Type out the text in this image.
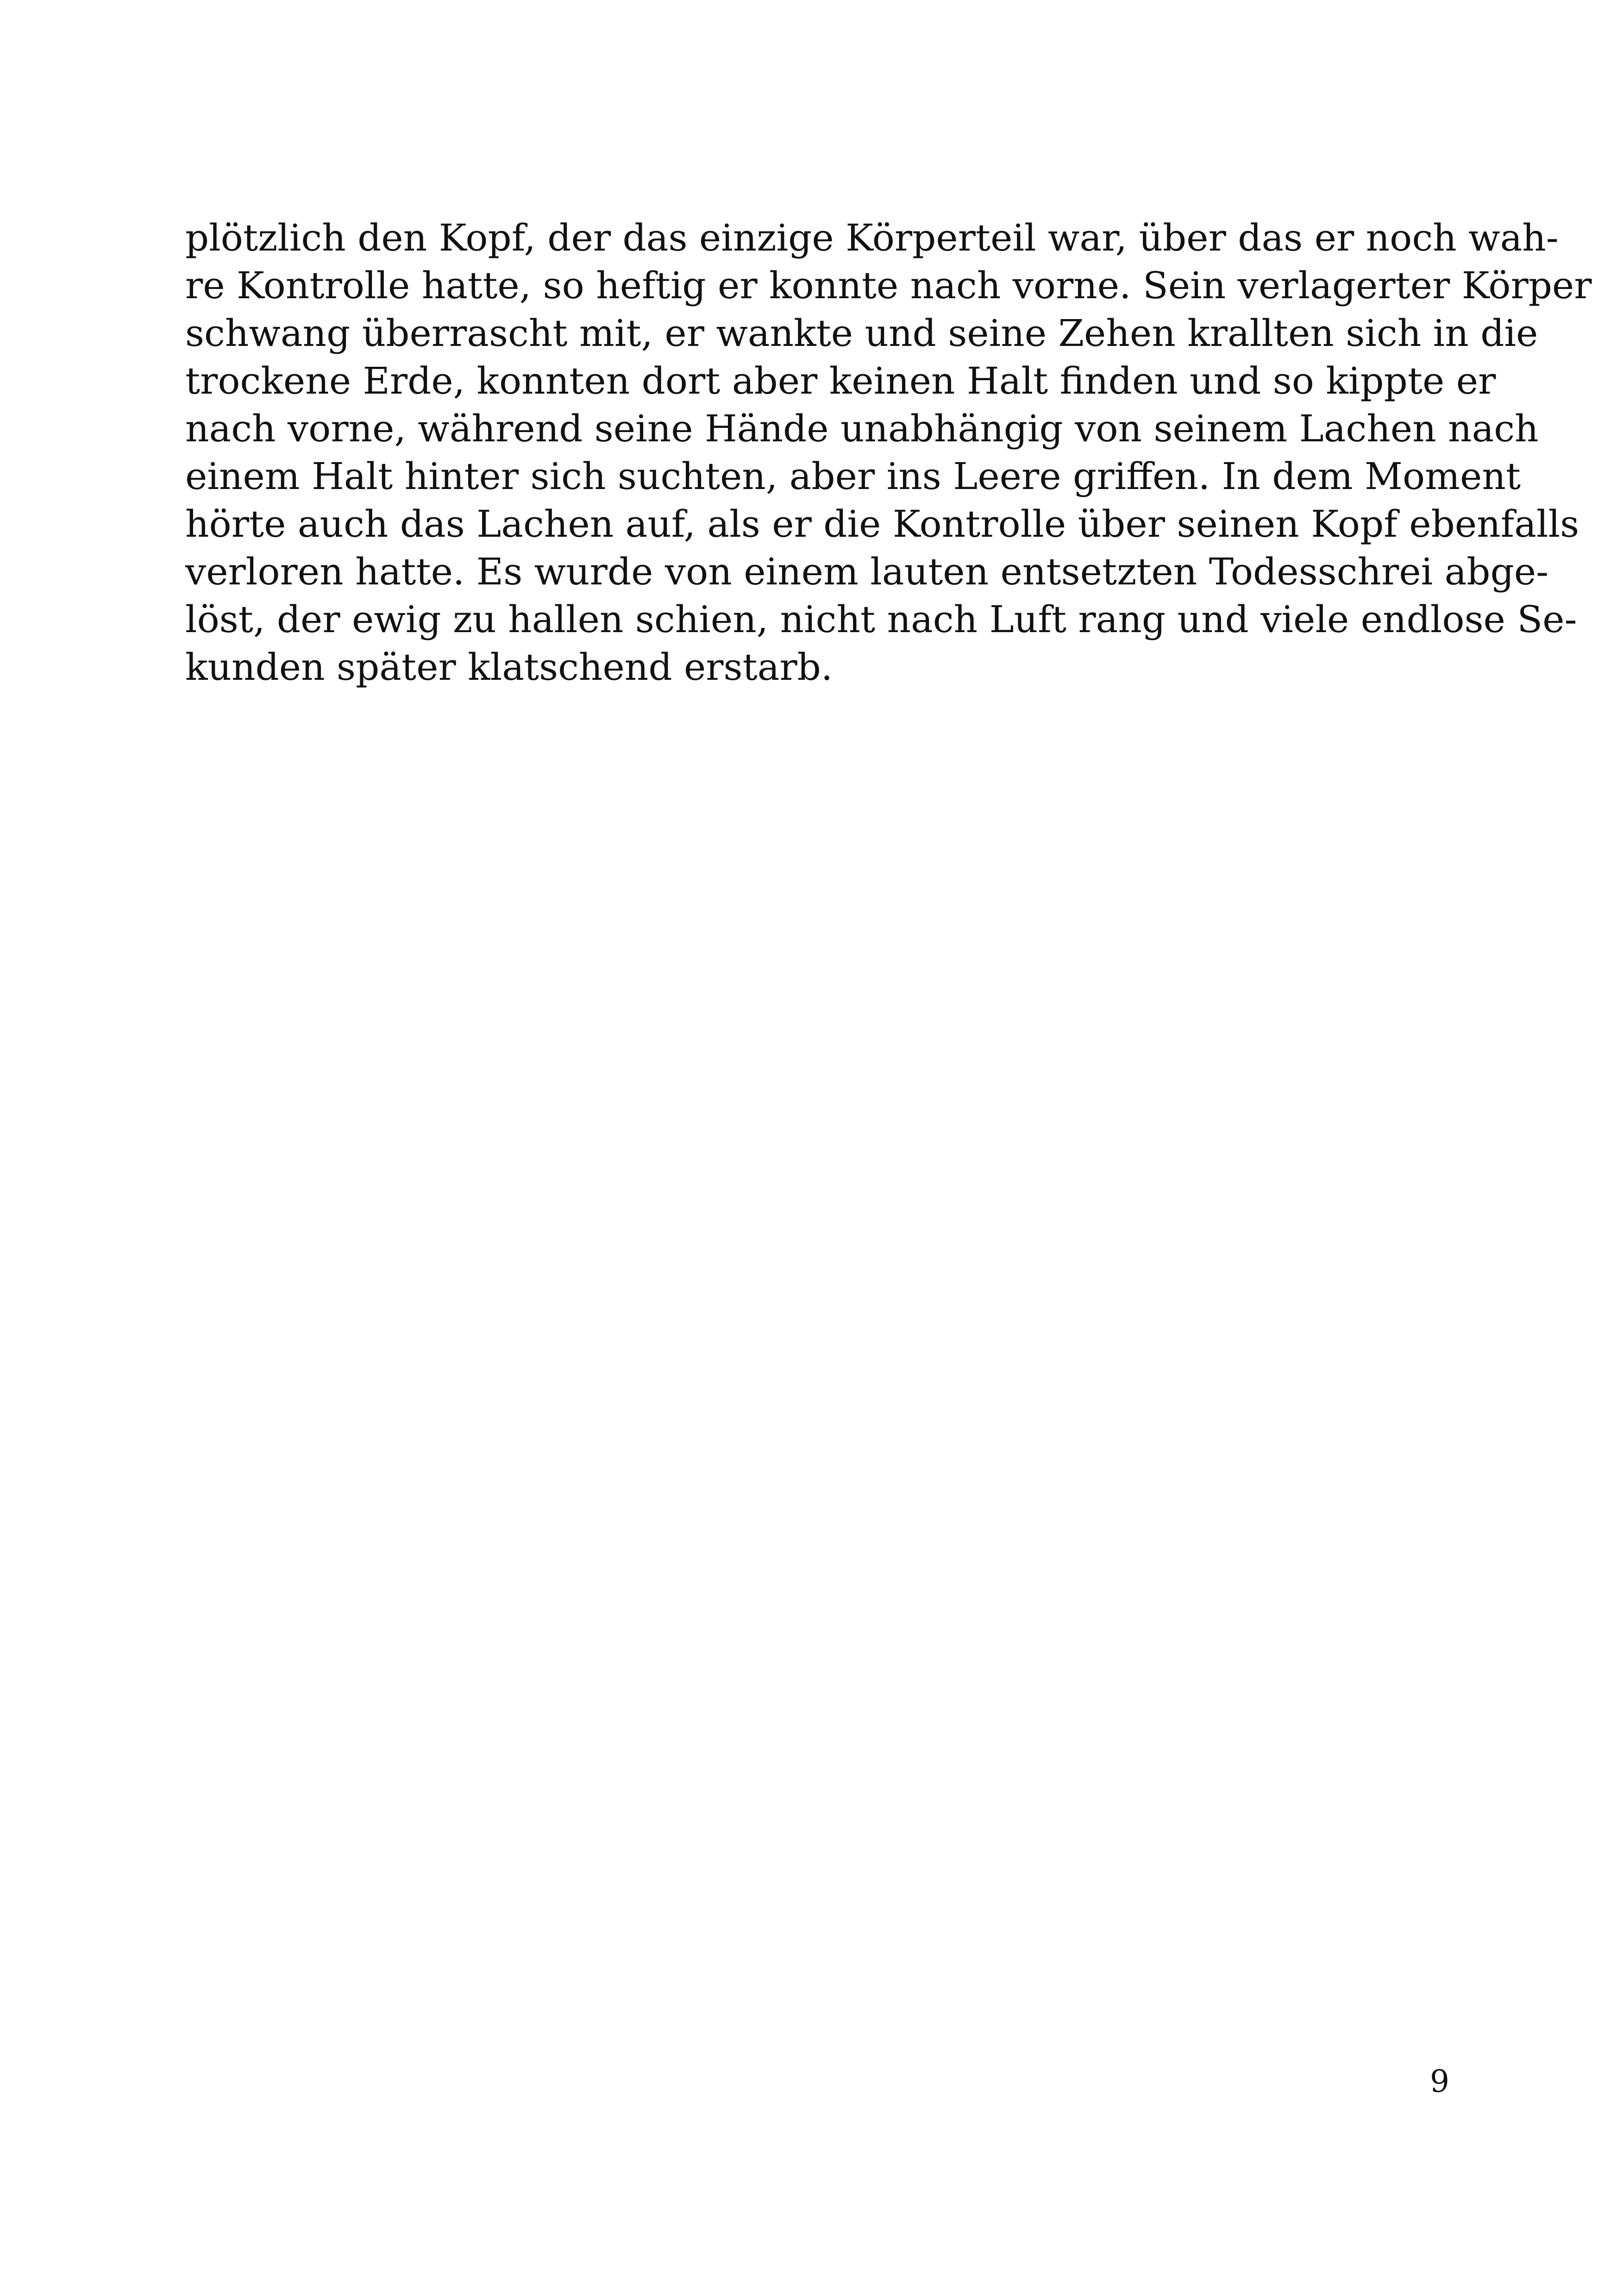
plötzlich den Kopf, der das einzige Körperteil war, über das er noch wah-
re Kontrolle hatte, so heftig er konnte nach vorne. Sein verlagerter Körper
schwang überrascht mit, er wankte und seine Zehen krallten sich in die
trockene Erde, konnten dort aber keinen Halt finden und so kippte er
nach vorne, während seine Hände unabhängig von seinem Lachen nach
einem Halt hinter sich suchten, aber ins Leere griffen. In dem Moment
hörte auch das Lachen auf, als er die Kontrolle über seinen Kopf ebenfalls
verloren hatte. Es wurde von einem lauten entsetzten Todesschrei abge-
löst, der ewig zu hallen schien, nicht nach Luft rang und viele endlose Se-
kunden später klatschend erstarb.
9
